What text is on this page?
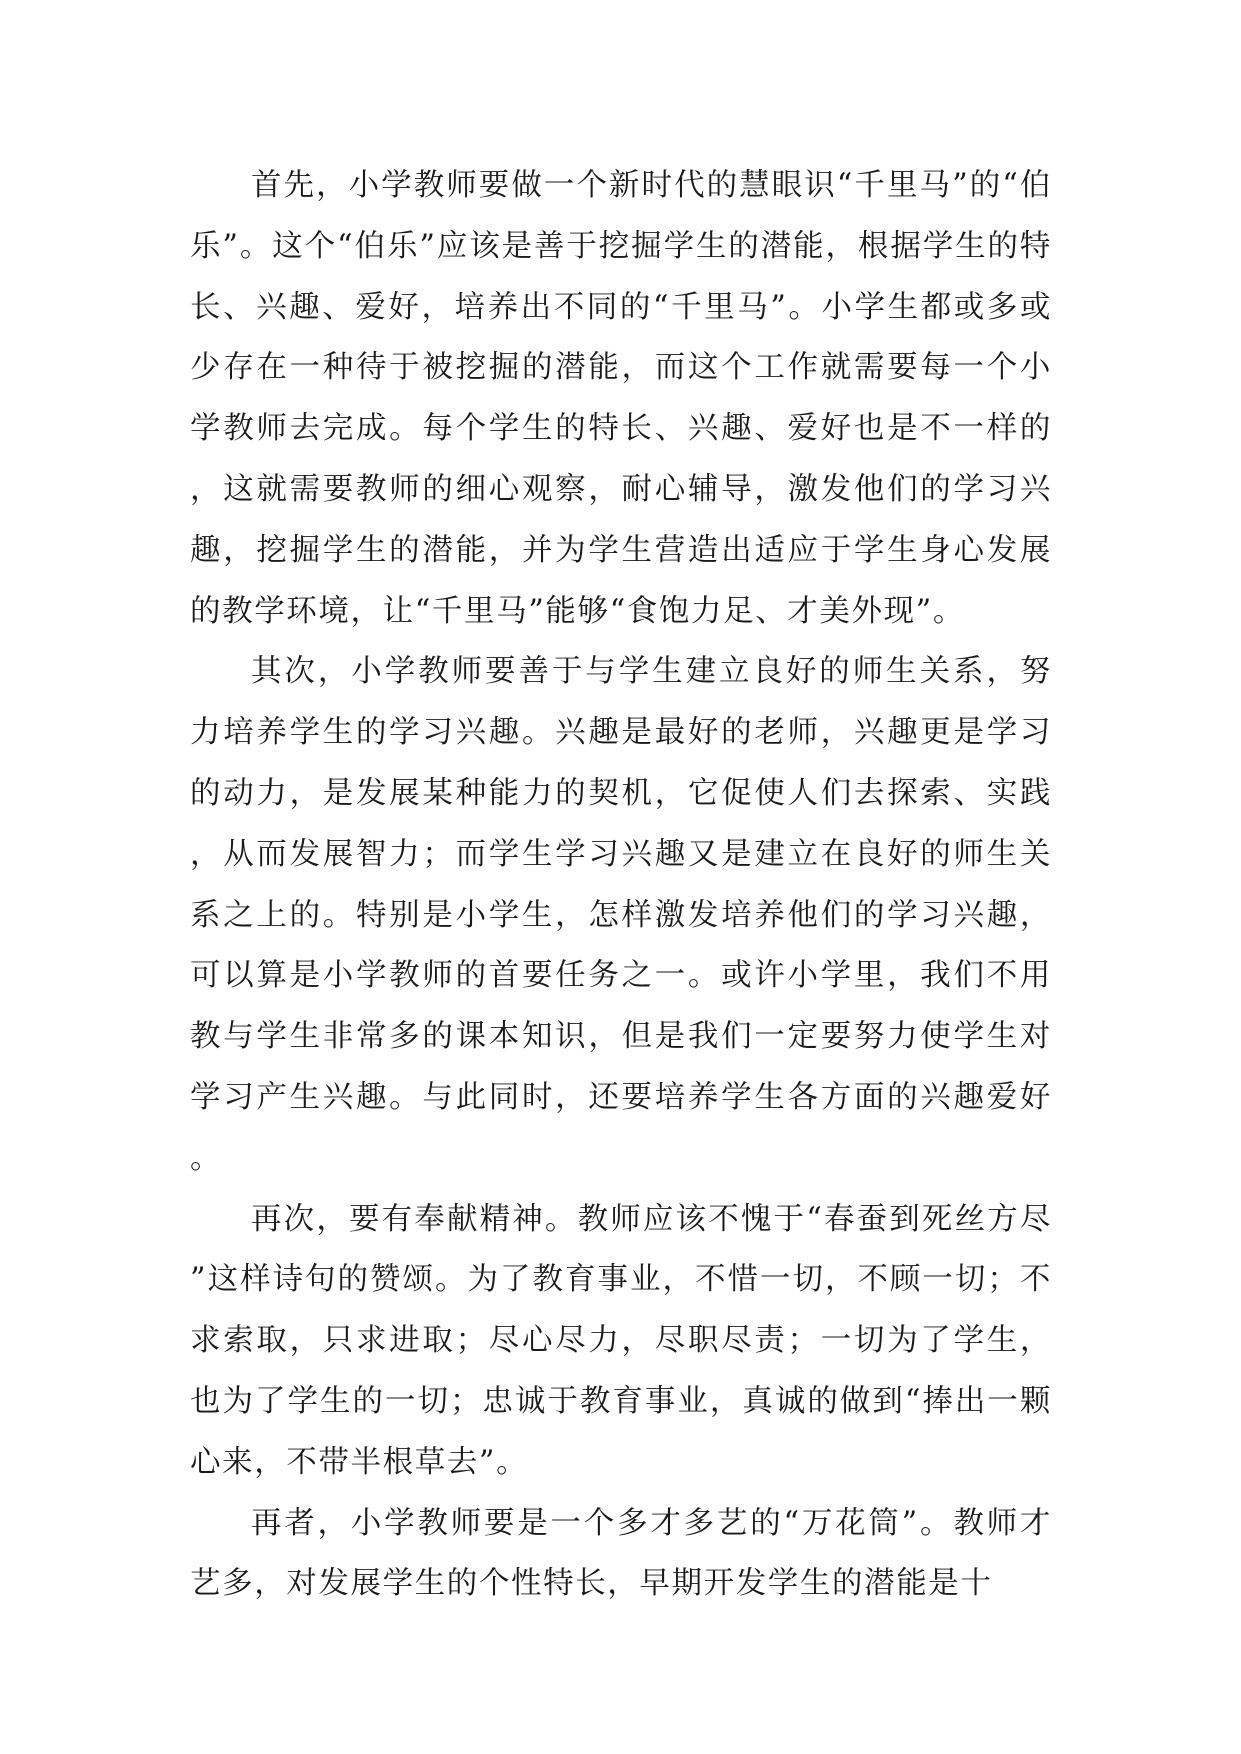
首先，小学教师要做一个新时代的慧眼识“千里马”的“伯乐”。这个“伯乐”应该是善于挖掘学生的潜能，根据学生的特长、兴趣、爱好，培养出不同的“千里马”。小学生都或多或少存在一种待于被挖掘的潜能，而这个工作就需要每一个小学教师去完成。每个学生的特长、兴趣、爱好也是不一样的，这就需要教师的细心观察，耐心辅导，激发他们的学习兴趣，挖掘学生的潜能，并为学生营造出适应于学生身心发展的教学环境，让“千里马”能够“食饱力足、才美外现”。

其次，小学教师要善于与学生建立良好的师生关系，努力培养学生的学习兴趣。兴趣是最好的老师，兴趣更是学习的动力，是发展某种能力的契机，它促使人们去探索、实践，从而发展智力；而学生学习兴趣又是建立在良好的师生关系之上的。特别是小学生，怎样激发培养他们的学习兴趣，可以算是小学教师的首要任务之一。或许小学里，我们不用教与学生非常多的课本知识，但是我们一定要努力使学生对学习产生兴趣。与此同时，还要培养学生各方面的兴趣爱好。

再次，要有奉献精神。教师应该不愧于“春蚕到死丝方尽”这样诗句的赞颂。为了教育事业，不惜一切，不顾一切；不求索取，只求进取；尽心尽力，尽职尽责；一切为了学生，也为了学生的一切；忠诚于教育事业，真诚的做到“捧出一颗心来，不带半根草去”。

再者，小学教师要是一个多才多艺的“万花筒”。教师才艺多，对发展学生的个性特长，早期开发学生的潜能是十
